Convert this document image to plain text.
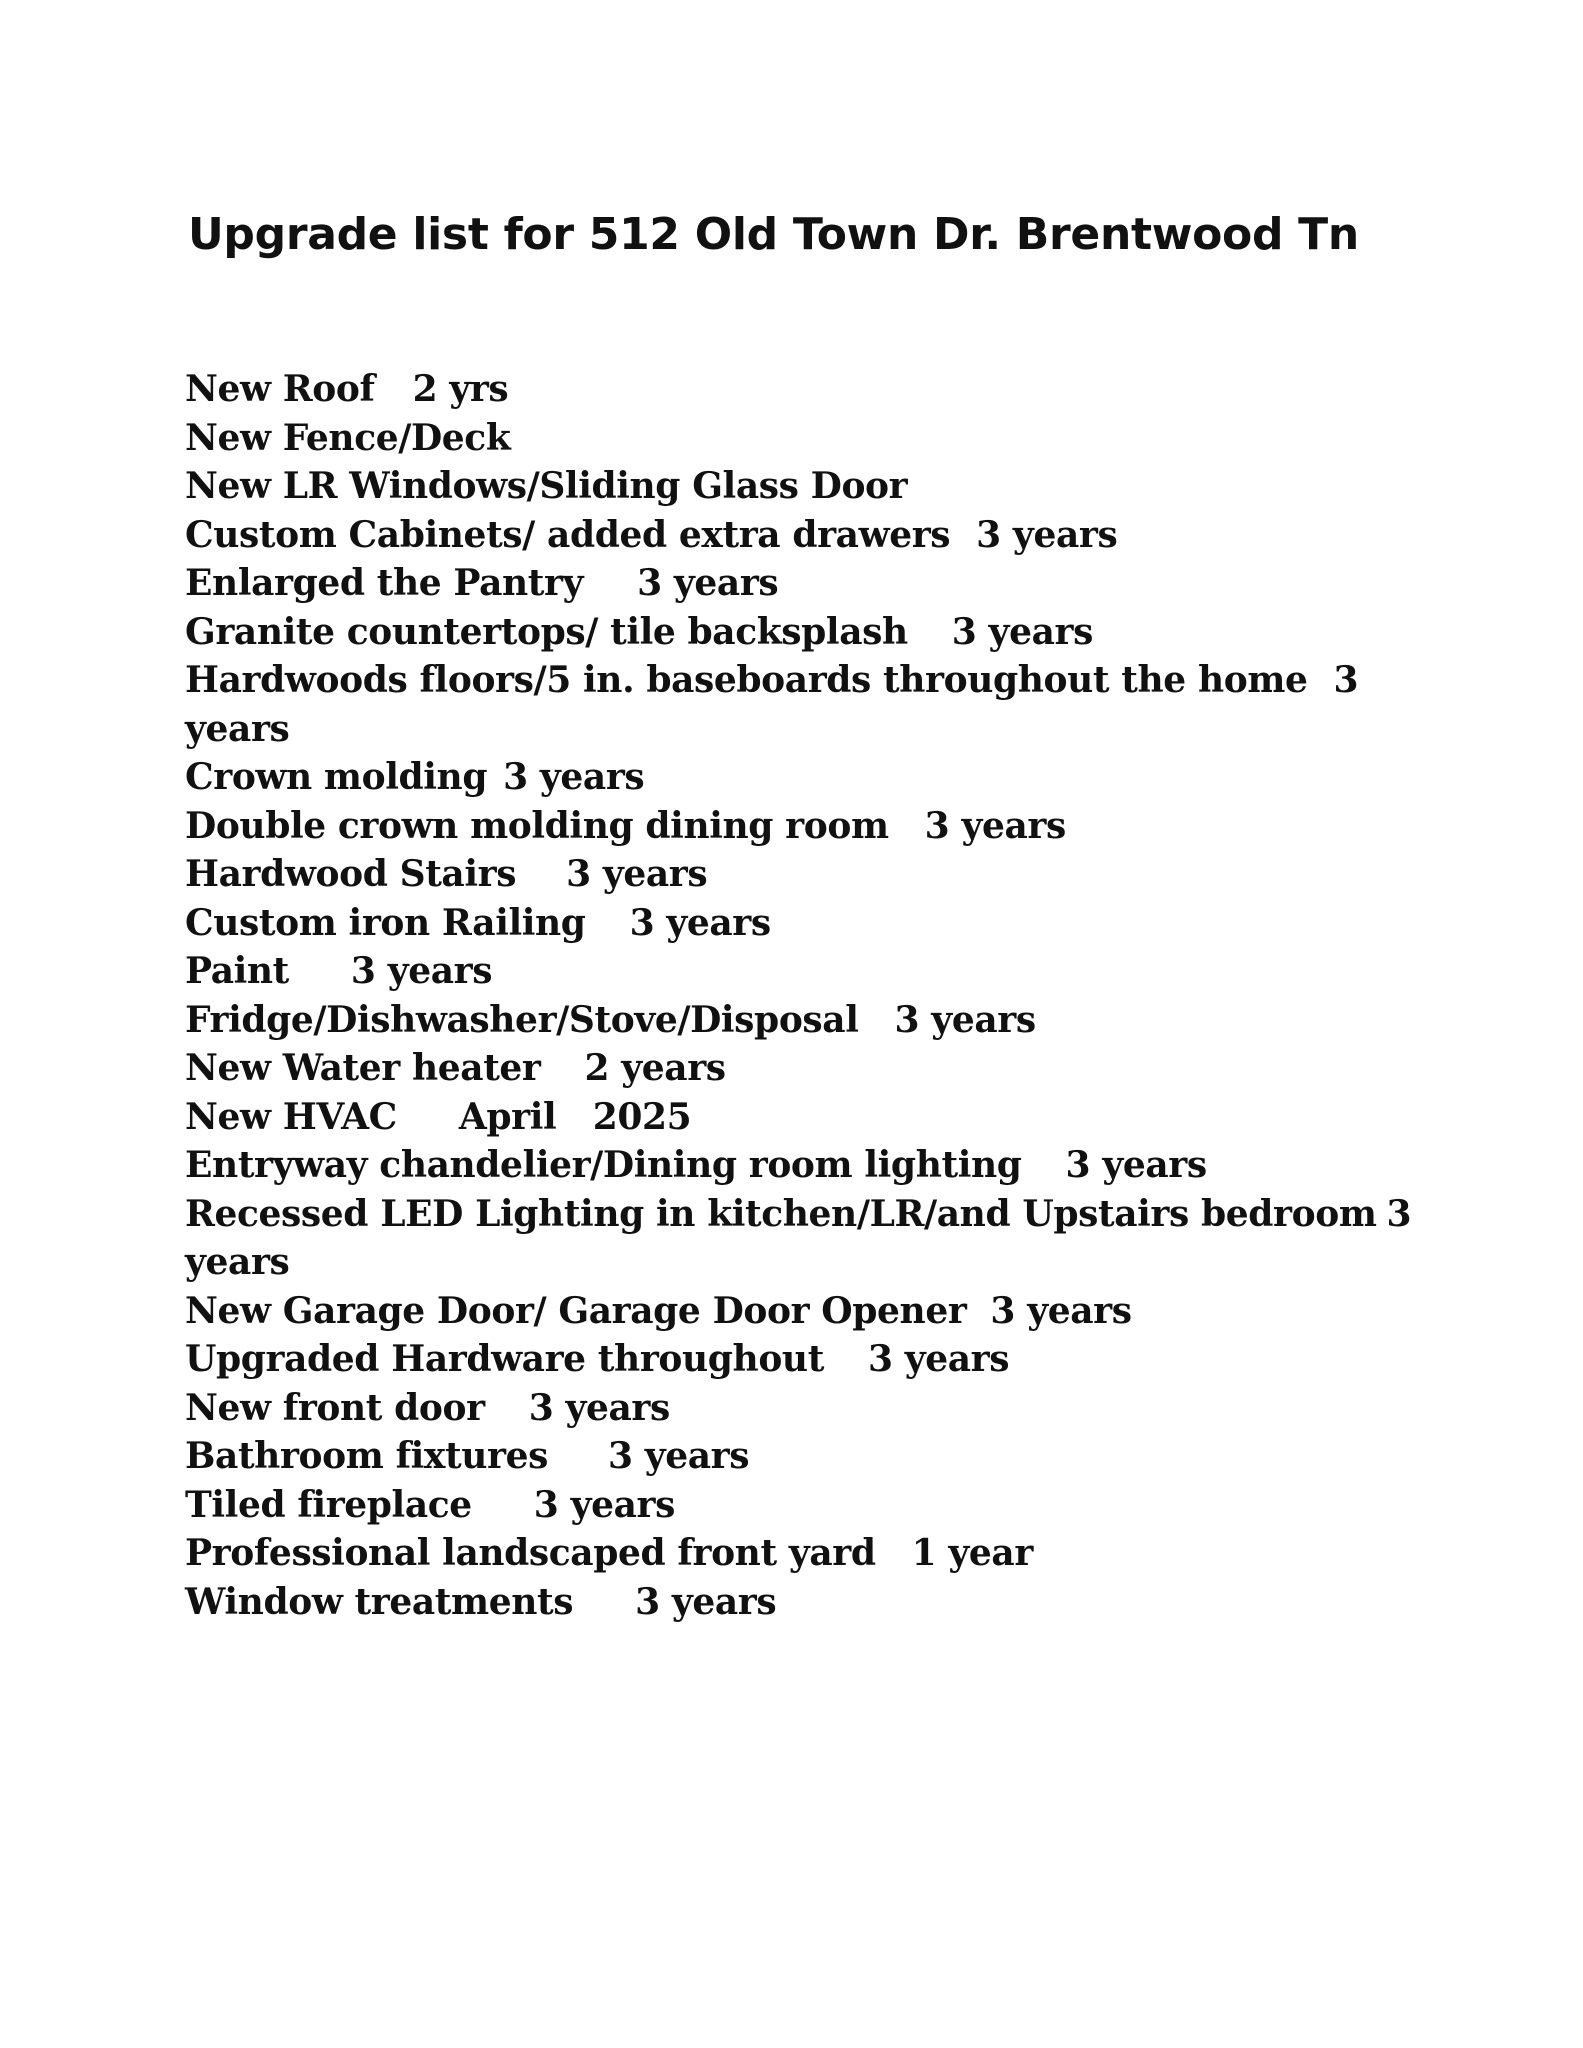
Upgrade list for 512 Old Town Dr. Brentwood Tn
New Roof 2 yrs
New Fence/Deck
New LR Windows/Sliding Glass Door
Custom Cabinets/ added extra drawers 3 years
Enlarged the Pantry 3 years
Granite countertops/ tile backsplash 3 years
Hardwoods floors/5 in. baseboards throughout the home 3 years
Crown molding 3 years
Double crown molding dining room 3 years
Hardwood Stairs 3 years
Custom iron Railing 3 years
Paint 3 years
Fridge/Dishwasher/Stove/Disposal 3 years
New Water heater 2 years
New HVAC April   2025
Entryway chandelier/Dining room lighting 3 years
Recessed LED Lighting in kitchen/LR/and Upstairs bedroom 3 years
New Garage Door/ Garage Door Opener 3 years
Upgraded Hardware throughout 3 years
New front door 3 years
Bathroom fixtures 3 years
Tiled fireplace 3 years
Professional landscaped front yard 1 year
Window treatments 3 years
